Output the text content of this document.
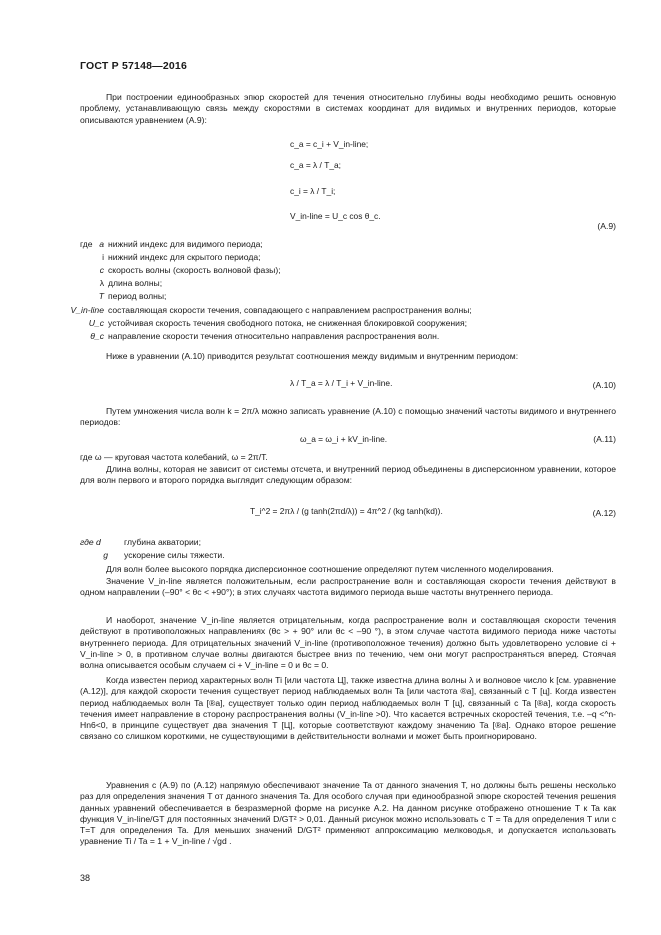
ГОСТ Р 57148—2016
При построении единообразных эпюр скоростей для течения относительно глубины воды необходимо решить основную проблему, устанавливающую связь между скоростями в системах координат для видимых и внутренних периодов, которые описываются уравнением (А.9):
c_a = c_i + V_in-line;
c_a = λ / T_a;
c_i = λ / T_i;
V_in-line = U_c cos θ_c.
(А.9)
где a нижний индекс для видимого периода;
i нижний индекс для скрытого периода;
c скорость волны (скорость волновой фазы);
λ длина волны;
T период волны;
V_in-line составляющая скорости течения, совпадающего с направлением распространения волны;
U_c устойчивая скорость течения свободного потока, не сниженная блокировкой сооружения;
θ_c направление скорости течения относительно направления распространения волн.
Ниже в уравнении (А.10) приводится результат соотношения между видимым и внутренним периодом:
λ / T_a = λ / T_i + V_in-line.	(А.10)
Путем умножения числа волн k = 2π/λ можно записать уравнение (А.10) с помощью значений частоты видимого и внутреннего периодов:
ω_a = ω_i + kV_in-line.	(А.11)
где ω — круговая частота колебаний, ω = 2π/T.
Длина волны, которая не зависит от системы отсчета, и внутренний период объединены в дисперсионном уравнении, которое для волн первого и второго порядка выглядит следующим образом:
T_i^2 = 2πλ / (g tanh(2πd/λ)) = 4π^2 / (kg tanh(kd)).	(А.12)
где d	глубина акватории;
g ускорение силы тяжести.
Для волн более высокого порядка дисперсионное соотношение определяют путем численного моделирования.
Значение V_in-line является положительным, если распространение волн и составляющая скорости течения действуют в одном направлении (–90° < θc < +90°); в этих случаях частота видимого периода выше частоты внутреннего периода.
И наоборот, значение V_in-line является отрицательным, когда распространение волн и составляющая скорости течения действуют в противоположных направлениях (θc > + 90° или θc < –90 °), в этом случае частота видимого периода ниже частоты внутреннего периода. Для отрицательных значений V_in-line (противоположное течения) должно быть удовлетворено условие ci + V_in-line > 0, в противном случае волны двигаются быстрее вниз по течению, чем они могут распространяться вперед. Стоячая волна описывается особым случаем ci + V_in-line = 0 и θc = 0.
Когда известен период характерных волн Ti [или частота Ц], также известна длина волны λ и волновое число k [см. уравнение (А.12)], для каждой скорости течения существует период наблюдаемых волн Ta [или частота ®a], связанный с Т [ц]. Когда известен период наблюдаемых волн Ta [®a], существует только один период наблюдаемых волн T [ц], связанный с Ta [®a], когда скорость течения имеет направление в сторону распространения волны (V_in-line >0). Что касается встречных скоростей течения, т.е. –q <^n-Hn6<0, в принципе существует два значения T [Ц], которые соответствуют каждому значению Ta [®a]. Однако второе решение связано со слишком короткими, не существующими в действительности волнами и может быть проигнорировано.
Уравнения с (А.9) по (А.12) напрямую обеспечивают значение Ta от данного значения T, но должны быть решены несколько раз для определения значения T от данного значения Ta. Для особого случая при единообразной эпюре скоростей течения решения данных уравнений обеспечивается в безразмерной форме на рисунке А.2. На данном рисунке отображено отношение T к Ta как функция V_in-line/GT для постоянных значений D/GT² > 0,01. Данный рисунок можно использовать с T = Ta для определения T или с T=T для определения Ta. Для меньших значений D/GT² применяют аппроксимацию мелководья, и допускается использовать уравнение Ti / Ta = 1 + V_in-line / √gd .
38
